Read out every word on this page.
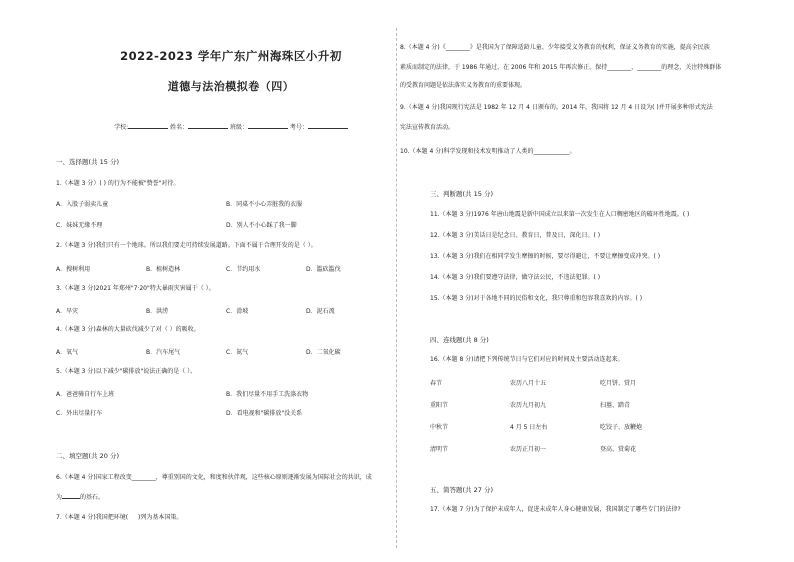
2022-2023 学年广东广州海珠区小升初
道德与法治模拟卷（四）
学校:	姓名：	班级：	考号：
一、选择题(共 15 分)
1.（本题 3 分）( ) 的行为不能被"赞誉"对待。
A．入股子弱卖儿童	B．同桌不小心弄脏我的衣服
C．妹妹无缘不理	D．别人不小心踩了我一脚
2.（本题 3 分)我们只有一个地球。所以我们要走可持续发展道路。下面不属于合理开发的是（ ）。
A．搜树利用	B．植树造林	C．节约用水	D．滥砍滥伐
3.（本题 3 分)2021 年郑州"7·20"特大暴雨灾害属于（ ）。
A．旱灾	B．洪涝	C．滑坡	D．泥石流
4.（本题 3 分)森林的大量砍伐减少了对（ ）的吸收。
A．氧气	B．汽车尾气	C．氮气	D．二氧化碳
5.（本题 3 分)以下减少"碳排放"说法正确的是（ ）。
A．爸爸骑自行车上班	B．我们尽量不用手工洗涤衣物
C．外出尽量打车	D．看电视和"碳排放"没关系
二、填空题(共 20 分)
6.（本题 4 分)国家工程改变________，尊重别国的文化，和度和伙伴观，这些核心原则逐渐发展为国际社会的共识，成
为	的基石。
7.（本题 4 分)我国把环境( )列为基本国策。
8.（本题 4 分)《________》是我国为了保障适龄儿童、少年接受义务教育的权利，保证义务教育的实施，提高全民族
素质而制定的法律，于 1986 年通过，在 2006 年和 2015 年再次修正。保持________、________的理念，关注特殊群体
的受教育问题是依法落实义务教育的重要体现。
9.（本题 4 分)我国现行宪法是 1982 年 12 月 4 日颁布的。2014 年，我国将 12 月 4 日设为( )并开展多种形式宪法
宪法宣传教育活动。
10.（本题 4 分)科学发现和技术发明推动了人类的____________。
三、判断题(共 15 分)
11.（本题 3 分)1976 年唐山地震是新中国成立以来第一次发生在人口稠密地区的破坏性地震。( )
12.（本题 3 分)美话日是纪念日、教育日，普及日，深化日。( )
13.（本题 3 分)我们在相同学发生摩擦的时候，要尽得避让，不要让摩擦变成冲突。( )
14.（本题 3 分)我们要遵守法律，做守法公民，不违法犯罪。( )
15.（本题 3 分)对于各地不同的民俗和文化，我只尊重和包容我喜欢的内容。( )
四、连线题(共 8 分)
16.（本题 8 分)请把下列传统节日与它们对应的时间及主要活动连起来。
春节	农历八月十五	吃月饼、赏月
重阳节	农历九月初九	扫墓、踏青
中秋节	4 月 5 日左右	吃饺子、放鞭炮
清明节	农历正月初一	登高、赏菊花
五、简答题(共 27 分)
17.（本题 7 分)为了保护未成年人，促进未成年人身心健康发展，我国制定了哪些专门的法律?
